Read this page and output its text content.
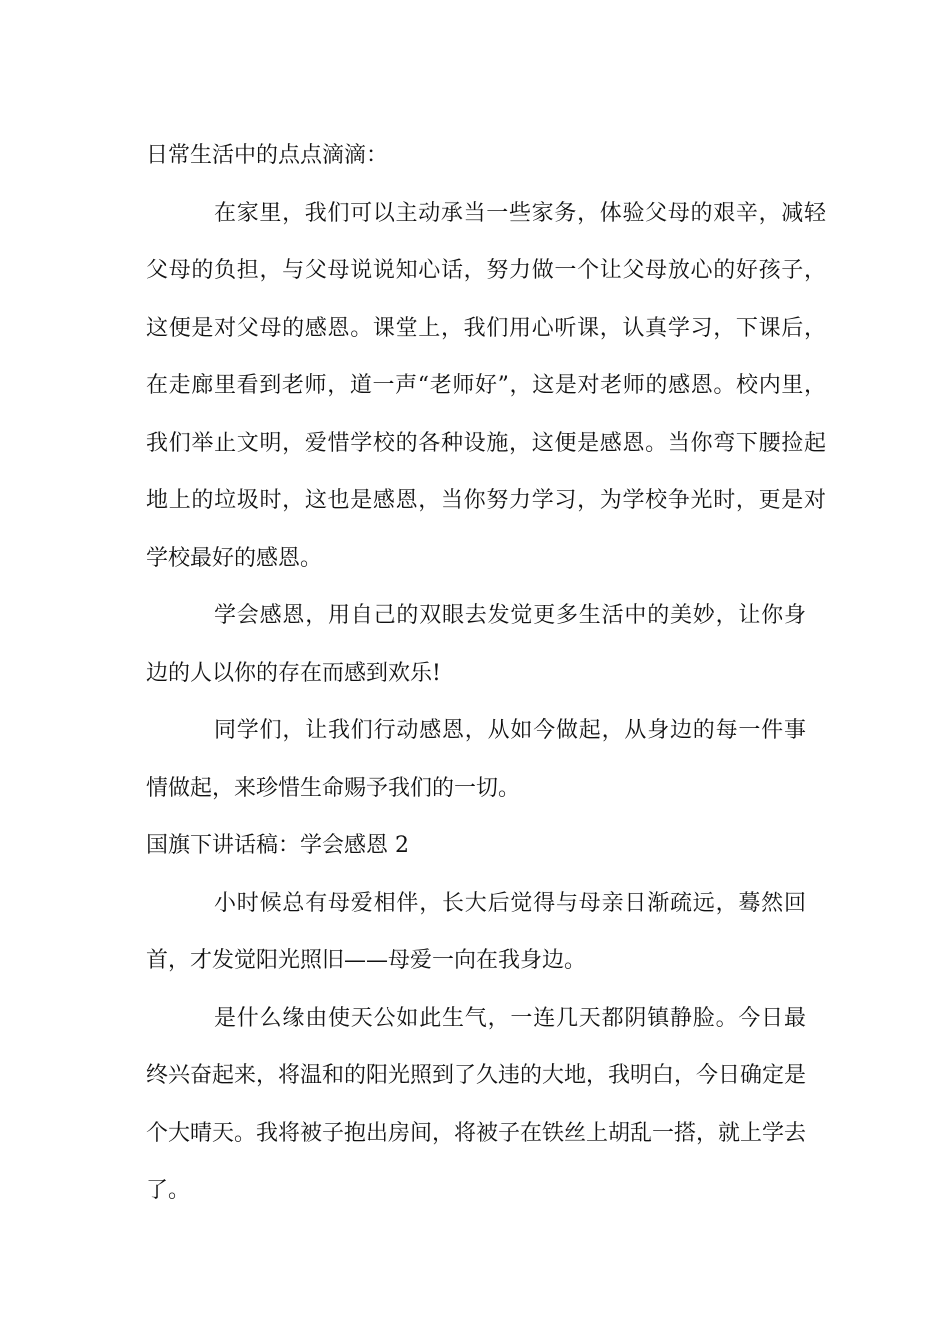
日常生活中的点点滴滴：

在家里，我们可以主动承当一些家务，体验父母的艰辛，减轻父母的负担，与父母说说知心话，努力做一个让父母放心的好孩子，这便是对父母的感恩。课堂上，我们用心听课，认真学习，下课后，在走廊里看到老师，道一声“老师好”，这是对老师的感恩。校内里，我们举止文明，爱惜学校的各种设施，这便是感恩。当你弯下腰捡起地上的垃圾时，这也是感恩，当你努力学习，为学校争光时，更是对学校最好的感恩。

学会感恩，用自己的双眼去发觉更多生活中的美妙，让你身边的人以你的存在而感到欢乐!

同学们，让我们行动感恩，从如今做起，从身边的每一件事情做起，来珍惜生命赐予我们的一切。

国旗下讲话稿：学会感恩 2

小时候总有母爱相伴，长大后觉得与母亲日渐疏远，蓦然回首，才发觉阳光照旧——母爱一向在我身边。

是什么缘由使天公如此生气，一连几天都阴镇静脸。今日最终兴奋起来，将温和的阳光照到了久违的大地，我明白，今日确定是个大晴天。我将被子抱出房间，将被子在铁丝上胡乱一搭，就上学去了。
